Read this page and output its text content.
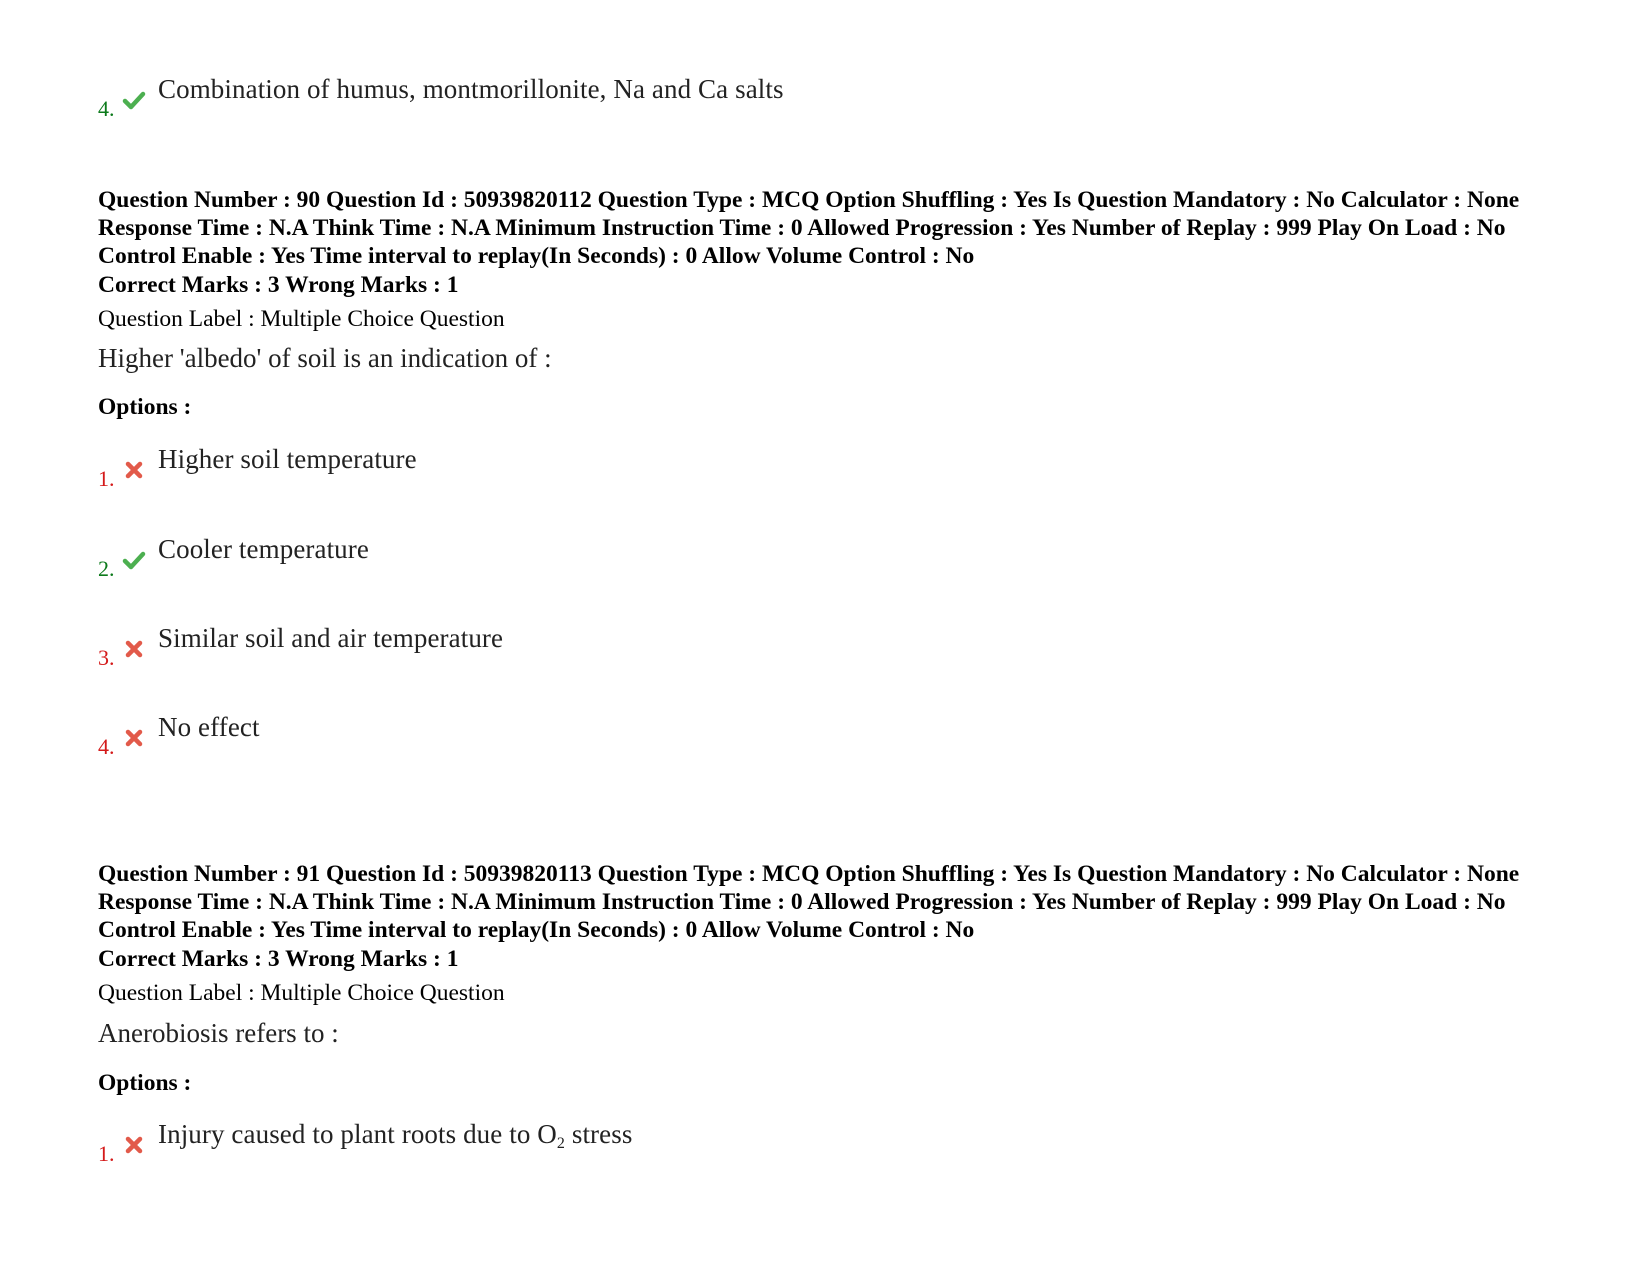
4.
Combination of humus, montmorillonite, Na and Ca salts
Question Number : 90 Question Id : 50939820112 Question Type : MCQ Option Shuffling : Yes Is Question Mandatory : No Calculator : None Response Time : N.A Think Time : N.A Minimum Instruction Time : 0 Allowed Progression : Yes Number of Replay : 999 Play On Load : No Control Enable : Yes Time interval to replay(In Seconds) : 0 Allow Volume Control : No
Correct Marks : 3 Wrong Marks : 1
Question Label : Multiple Choice Question
Higher 'albedo' of soil is an indication of :
Options :
1.
Higher soil temperature
2.
Cooler temperature
3.
Similar soil and air temperature
4.
No effect
Question Number : 91 Question Id : 50939820113 Question Type : MCQ Option Shuffling : Yes Is Question Mandatory : No Calculator : None Response Time : N.A Think Time : N.A Minimum Instruction Time : 0 Allowed Progression : Yes Number of Replay : 999 Play On Load : No Control Enable : Yes Time interval to replay(In Seconds) : 0 Allow Volume Control : No
Correct Marks : 3 Wrong Marks : 1
Question Label : Multiple Choice Question
Anerobiosis refers to :
Options :
1.
Injury caused to plant roots due to $O_2$ stress
